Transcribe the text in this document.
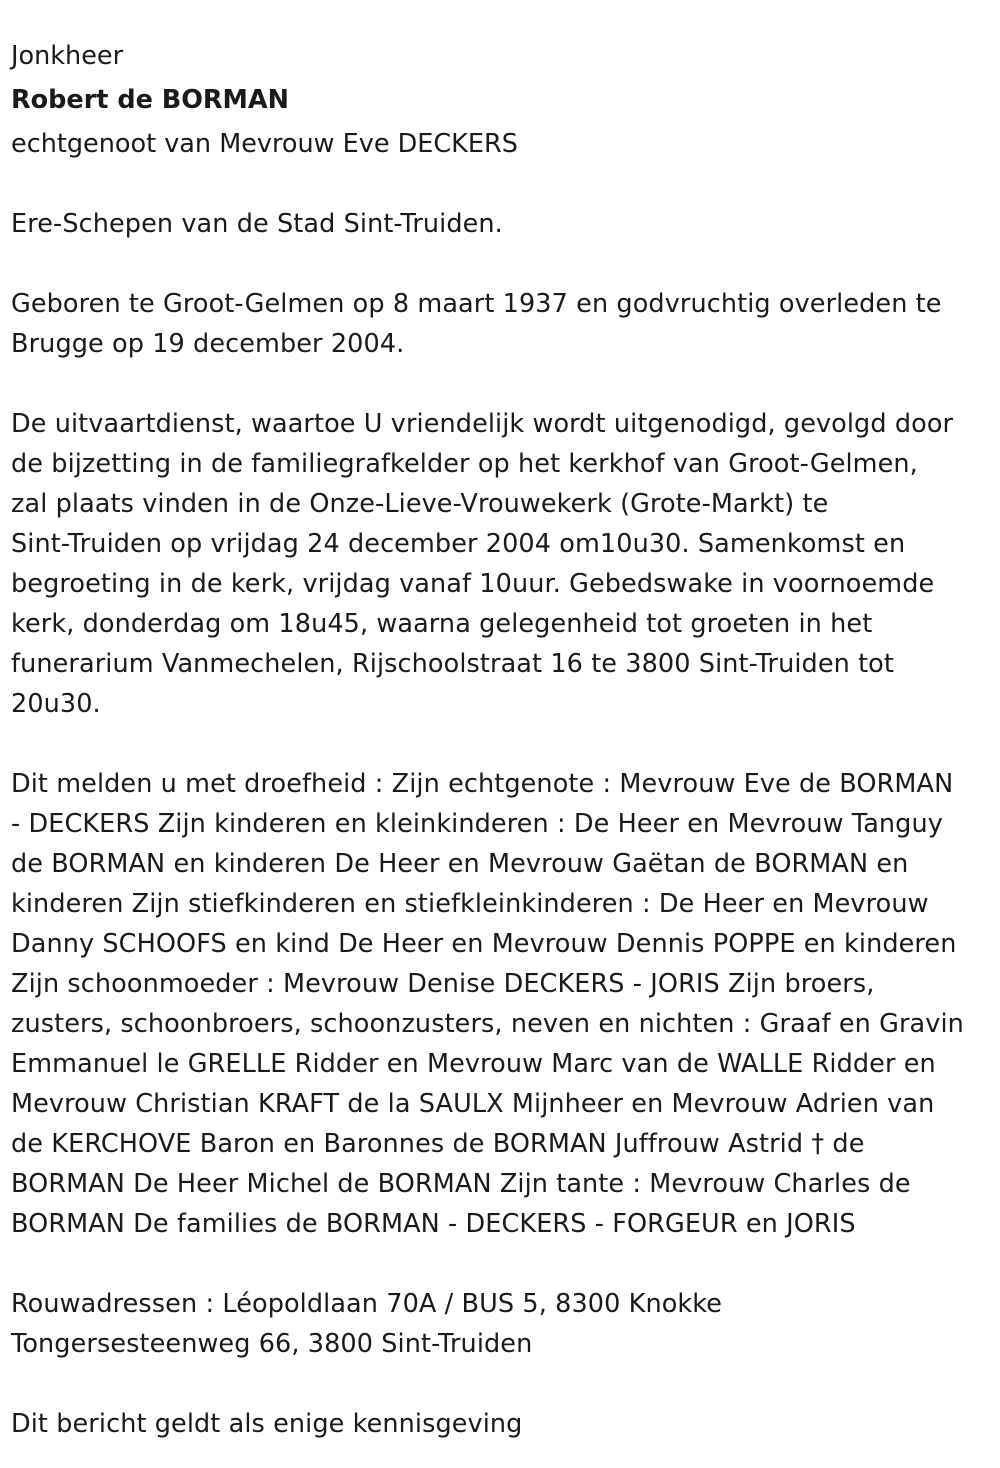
Jonkheer

Robert de BORMAN

echtgenoot van Mevrouw Eve DECKERS

Ere-Schepen van de Stad Sint-Truiden.

Geboren te Groot-Gelmen op 8 maart 1937 en godvruchtig overleden te
Brugge op 19 december 2004.

De uitvaartdienst, waartoe U vriendelijk wordt uitgenodigd, gevolgd door
de bijzetting in de familiegrafkelder op het kerkhof van Groot-Gelmen,
zal plaats vinden in de Onze-Lieve-Vrouwekerk (Grote-Markt) te
Sint-Truiden op vrijdag 24 december 2004 om10u30. Samenkomst en
begroeting in de kerk, vrijdag vanaf 10uur. Gebedswake in voornoemde
kerk, donderdag om 18u45, waarna gelegenheid tot groeten in het
funerarium Vanmechelen, Rijschoolstraat 16 te 3800 Sint-Truiden tot
20u30.

Dit melden u met droefheid : Zijn echtgenote : Mevrouw Eve de BORMAN
- DECKERS Zijn kinderen en kleinkinderen : De Heer en Mevrouw Tanguy
de BORMAN en kinderen De Heer en Mevrouw Gaëtan de BORMAN en
kinderen Zijn stiefkinderen en stiefkleinkinderen : De Heer en Mevrouw
Danny SCHOOFS en kind De Heer en Mevrouw Dennis POPPE en kinderen
Zijn schoonmoeder : Mevrouw Denise DECKERS - JORIS Zijn broers,
zusters, schoonbroers, schoonzusters, neven en nichten : Graaf en Gravin
Emmanuel le GRELLE Ridder en Mevrouw Marc van de WALLE Ridder en
Mevrouw Christian KRAFT de la SAULX Mijnheer en Mevrouw Adrien van
de KERCHOVE Baron en Baronnes de BORMAN Juffrouw Astrid † de
BORMAN De Heer Michel de BORMAN Zijn tante : Mevrouw Charles de
BORMAN De families de BORMAN - DECKERS - FORGEUR en JORIS

Rouwadressen : Léopoldlaan 70A / BUS 5, 8300 Knokke
Tongersesteenweg 66, 3800 Sint-Truiden

Dit bericht geldt als enige kennisgeving
